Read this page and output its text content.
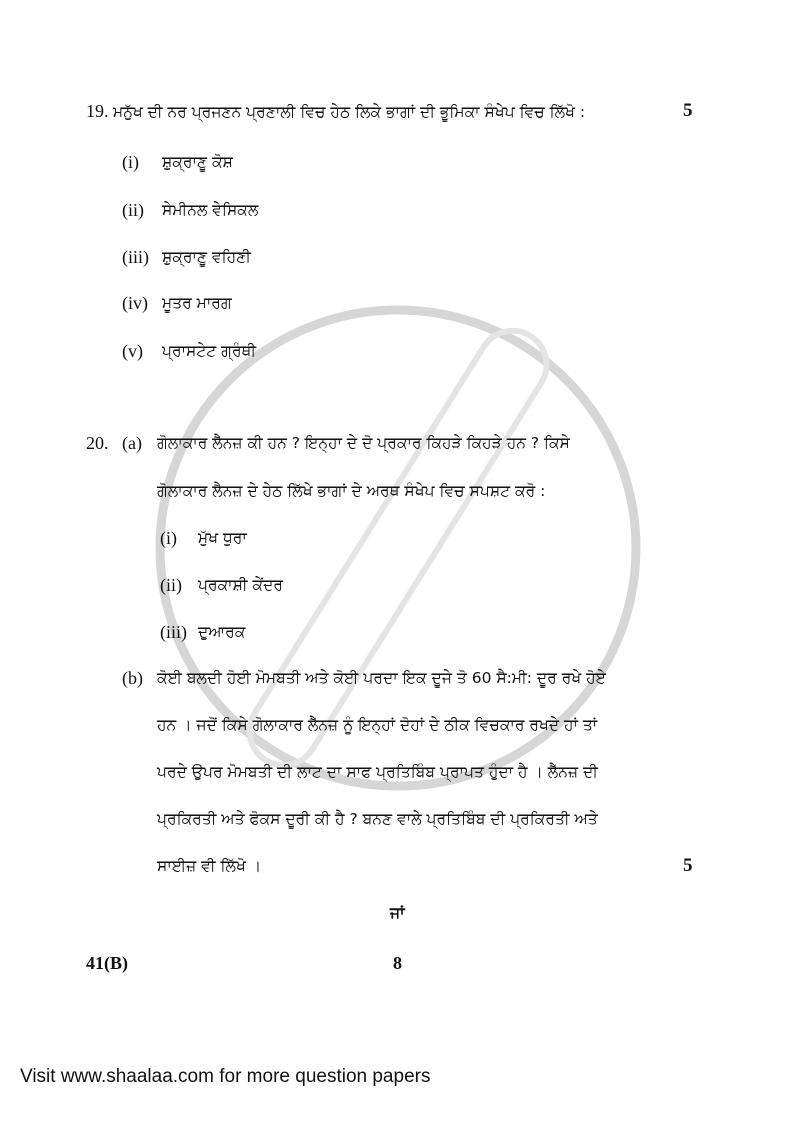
19. ਮਨੁੱਖ ਦੀ ਨਰ ਪ੍ਰਜਣਨ ਪ੍ਰਣਾਲੀ ਵਿਚ ਹੇਠ ਲਿਕੇ ਭਾਗਾਂ ਦੀ ਭੂਮਿਕਾ ਸੰਖੇਪ ਵਿਚ ਲਿੱਖੋ :	5
(i) ਸ਼ੁਕ੍ਰਾਣੂ ਕੋਸ਼
(ii) ਸੇਮੀਨਲ ਵੇਸਿਕਲ
(iii) ਸ਼ੁਕ੍ਰਾਣੂ ਵਹਿਣੀ
(iv) ਮੂਤਰ ਮਾਰਗ
(v) ਪ੍ਰਾਸਟੇਟ ਗ੍ਰੰਥੀ
20. (a) ਗੋਲਾਕਾਰ ਲੈੱਨਜ਼ ਕੀ ਹਨ ? ਇਨ੍ਹਾ ਦੇ ਦੋ ਪ੍ਰਕਾਰ ਕਿਹੜੇ ਕਿਹੜੇ ਹਨ ? ਕਿਸੇ
ਗੋਲਾਕਾਰ ਲੈਨਜ਼ ਦੇ ਹੇਠ ਲਿੱਖੇ ਭਾਗਾਂ ਦੇ ਅਰਥ ਸੰਖੇਪ ਵਿਚ ਸਪਸ਼ਟ ਕਰੋ :
(i) ਮੁੱਖ ਧੁਰਾ
(ii) ਪ੍ਰਕਾਸ਼ੀ ਕੇਂਦਰ
(iii) ਦੁਆਰਕ
(b) ਕੋਈ ਬਲਦੀ ਹੋਈ ਮੋਮਬਤੀ ਅਤੇ ਕੋਈ ਪਰਦਾ ਇਕ ਦੂਜੇ ਤੋ 60 ਸੈ:ਮੀ: ਦੂਰ ਰਖੇ ਹੋਏ
ਹਨ । ਜਦੋਂ ਕਿਸੇ ਗੋਲਾਕਾਰ ਲੈੱਨਜ਼ ਨੂੰ ਇਨ੍ਹਾਂ ਦੋਹਾਂ ਦੇ ਠੀਕ ਵਿਚਕਾਰ ਰਖਦੇ ਹਾਂ ਤਾਂ
ਪਰਦੇ ਉਪਰ ਮੋਮਬਤੀ ਦੀ ਲਾਟ ਦਾ ਸਾਫ ਪ੍ਰਤਿਬਿੰਬ ਪ੍ਰਾਪਤ ਹੁੰਦਾ ਹੈ । ਲੈੱਨਜ਼ ਦੀ
ਪ੍ਰਕਿਰਤੀ ਅਤੇ ਫੋਕਸ ਦੂਰੀ ਕੀ ਹੈ ? ਬਨਣ ਵਾਲੇ ਪ੍ਰਤਿਬਿੰਬ ਦੀ ਪ੍ਰਕਿਰਤੀ ਅਤੇ
ਸਾਈਜ਼ ਵੀ ਲਿੱਖੋ ।	5
ਜਾਂ
41(B)	8
Visit www.shaalaa.com for more question papers
